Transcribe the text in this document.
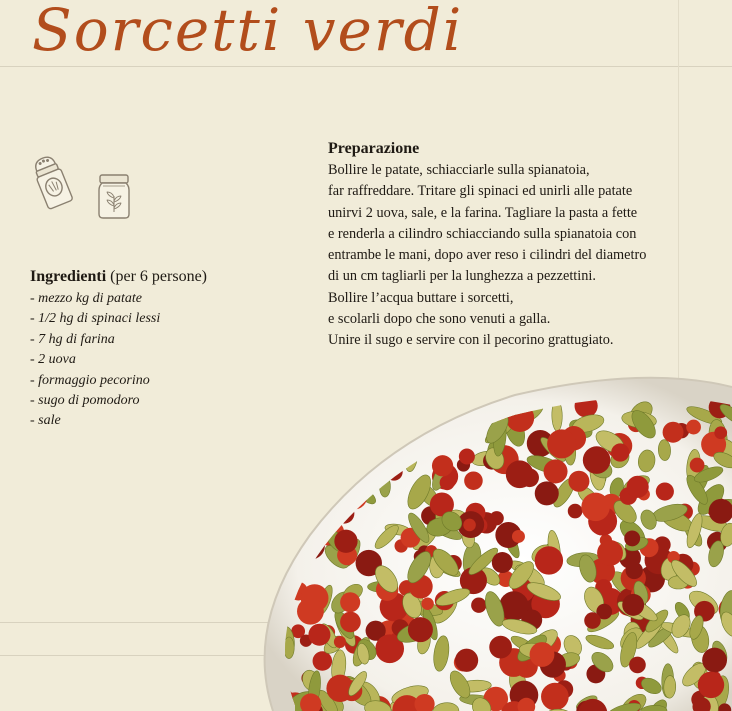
Sorcetti verdi
Ingredienti (per 6 persone)
- mezzo kg di patate
- 1/2 hg di spinaci lessi
- 7 hg di farina
- 2 uova
- formaggio pecorino
- sugo di pomodoro
- sale
Preparazione
Bollire le patate, schiacciarle sulla spianatoia,
far raffreddare. Tritare gli spinaci ed unirli alle patate
unirvi 2 uova, sale, e la farina. Tagliare la pasta a fette
e renderla a cilindro schiacciando sulla spianatoia con
entrambe le mani, dopo aver reso i cilindri del diametro
di un cm tagliarli per la lunghezza a pezzettini.
Bollire l’acqua buttare i sorcetti,
e scolarli dopo che sono venuti a galla.
Unire il sugo e servire con il pecorino grattugiato.
